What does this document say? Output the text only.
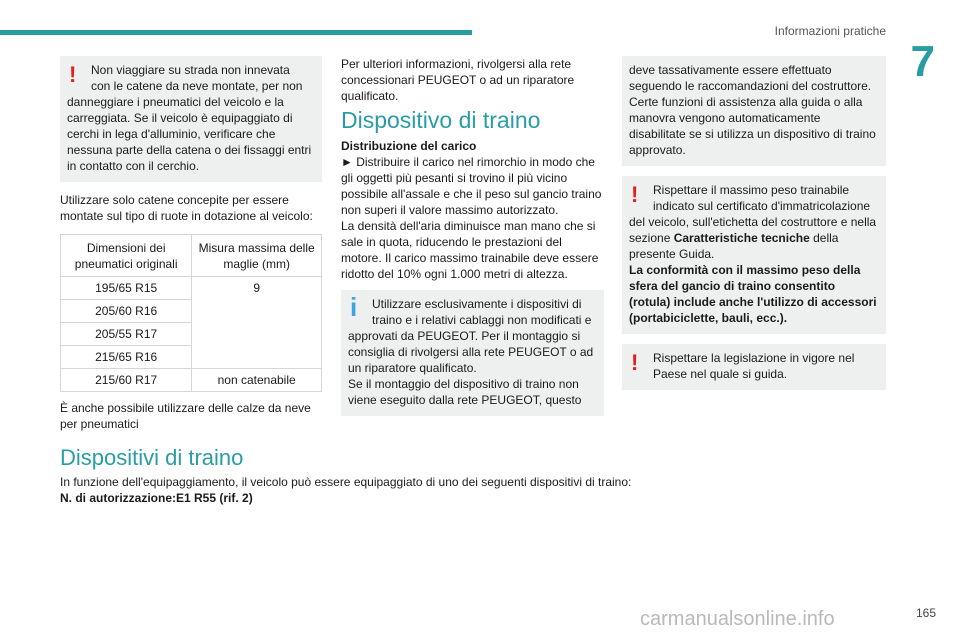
Informazioni pratiche
7
!	Non viaggiare su strada non innevata
con le catene da neve montate, per non
danneggiare i pneumatici del veicolo e la carreggiata. Se il veicolo è equipaggiato di cerchi in lega d'alluminio, verificare che nessuna parte della catena o dei fissaggi entri in contatto con il cerchio.

Utilizzare solo catene concepite per essere montate sul tipo di ruote in dotazione al veicolo:

Dimensioni dei pneumatici originali	Misura massima delle maglie (mm)
195/65 R15	9
205/60 R16	
205/55 R17	
215/65 R16	
215/60 R17	non catenabile

È anche possibile utilizzare delle calze da neve per pneumatici

Per ulteriori informazioni, rivolgersi alla rete concessionari PEUGEOT o ad un riparatore qualificato.

Dispositivo di traino
Distribuzione del carico
► Distribuire il carico nel rimorchio in modo che gli oggetti più pesanti si trovino il più vicino possibile all'assale e che il peso sul gancio traino non superi il valore massimo autorizzato.

La densità dell'aria diminuisce man mano che si sale in quota, riducendo le prestazioni del motore. Il carico massimo trainabile deve essere ridotto del 10% ogni 1.000 metri di altezza.

i	Utilizzare esclusivamente i dispositivi di
traino e i relativi cablaggi non modificati e
approvati da PEUGEOT. Per il montaggio si consiglia di rivolgersi alla rete PEUGEOT o ad un riparatore qualificato.
Se il montaggio del dispositivo di traino non viene eseguito dalla rete PEUGEOT, questo
deve tassativamente essere effettuato seguendo le raccomandazioni del costruttore. Certe funzioni di assistenza alla guida o alla manovra vengono automaticamente disabilitate se si utilizza un dispositivo di traino approvato.
!	Rispettare il massimo peso trainabile
indicato sul certificato d'immatricolazione
del veicolo, sull'etichetta del costruttore e nella sezione Caratteristiche tecniche della presente Guida.
La conformità con il massimo peso della sfera del gancio di traino consentito (rotula) include anche l'utilizzo di accessori (portabiciclette, bauli, ecc.).
!	Rispettare la legislazione in vigore nel
Paese nel quale si guida.
Dispositivi di traino
In funzione dell'equipaggiamento, il veicolo può essere equipaggiato di uno dei seguenti dispositivi di traino:
N. di autorizzazione:E1 R55 (rif. 2)
carmanualsonline.info	165
